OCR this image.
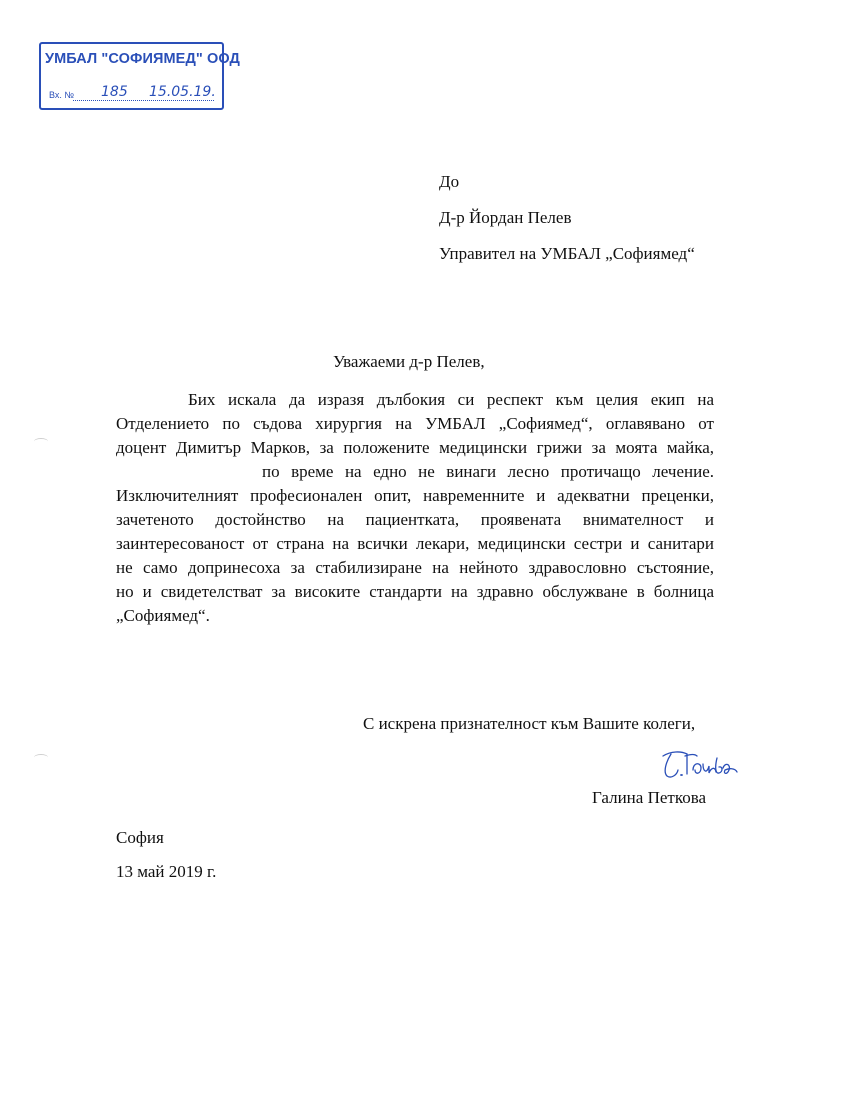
УМБАЛ "СОФИЯМЕД" ООД
Вх. № 185 15.05.19.
До
Д-р Йордан Пелев
Управител на УМБАЛ „Софиямед“
Уважаеми д-р Пелев,
Бих искала да изразя дълбокия си респект към целия екип на
Отделението по съдова хирургия на УМБАЛ „Софиямед“, оглавявано от
доцент Димитър Марков, за положените медицински грижи за моята майка,
по време на едно не винаги лесно протичащо лечение.
Изключителният професионален опит, навременните и адекватни преценки,
зачетеното достойнство на пациентката, проявената внимателност и
заинтересованост от страна на всички лекари, медицински сестри и санитари
не само допринесоха за стабилизиране на нейното здравословно състояние,
но и свидетелстват за високите стандарти на здравно обслужване в болница
„Софиямед“.
С искрена признателност към Вашите колеги,
Галина Петкова
София
13 май 2019 г.
